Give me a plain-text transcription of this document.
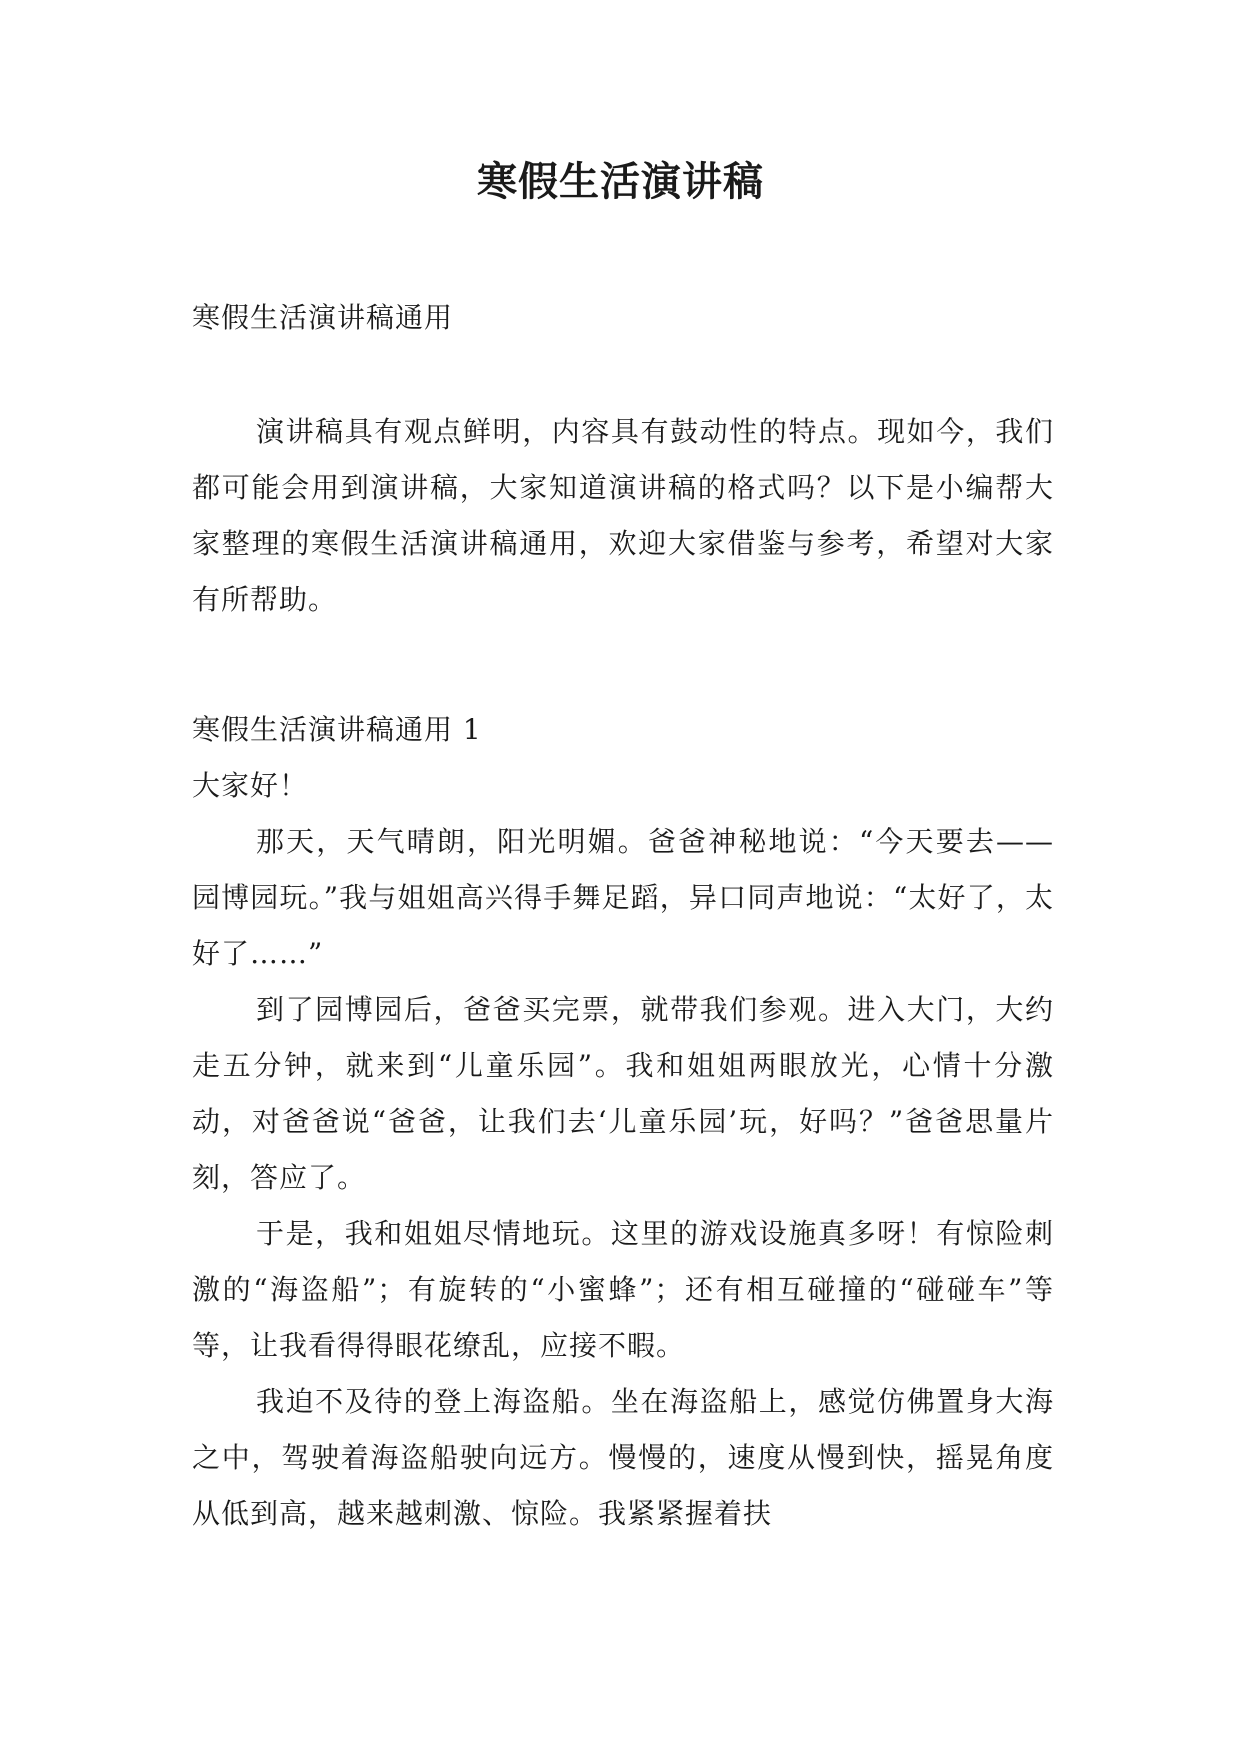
寒假生活演讲稿

寒假生活演讲稿通用

演讲稿具有观点鲜明，内容具有鼓动性的特点。现如今，我们都可能会用到演讲稿，大家知道演讲稿的格式吗？以下是小编帮大家整理的寒假生活演讲稿通用，欢迎大家借鉴与参考，希望对大家有所帮助。

寒假生活演讲稿通用 1

大家好！

那天，天气晴朗，阳光明媚。爸爸神秘地说：“今天要去——园博园玩。”我与姐姐高兴得手舞足蹈，异口同声地说：“太好了，太好了……”

到了园博园后，爸爸买完票，就带我们参观。进入大门，大约走五分钟，就来到“儿童乐园”。我和姐姐两眼放光，心情十分激动，对爸爸说“爸爸，让我们去‘儿童乐园’玩，好吗？”爸爸思量片刻，答应了。

于是，我和姐姐尽情地玩。这里的游戏设施真多呀！有惊险刺激的“海盗船”；有旋转的“小蜜蜂”；还有相互碰撞的“碰碰车”等等，让我看得得眼花缭乱，应接不暇。

我迫不及待的登上海盗船。坐在海盗船上，感觉仿佛置身大海之中，驾驶着海盗船驶向远方。慢慢的，速度从慢到快，摇晃角度从低到高，越来越刺激、惊险。我紧紧握着扶
